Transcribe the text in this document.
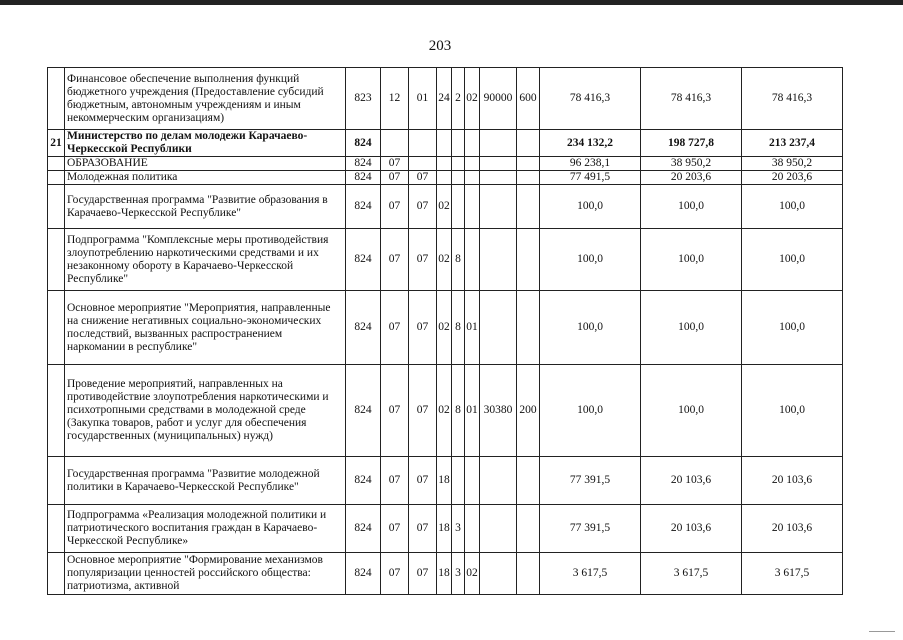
203
	Финансовое обеспечение выполнения функций бюджетного учреждения (Предоставление субсидий бюджетным, автономным учреждениям и иным некоммерческим организациям)	823	12	01	24	2	02	90000	600	78 416,3	78 416,3	78 416,3
21	Министерство по делам молодежи Карачаево-Черкесской Республики	824								234 132,2	198 727,8	213 237,4
	ОБРАЗОВАНИЕ	824	07							96 238,1	38 950,2	38 950,2
	Молодежная политика	824	07	07						77 491,5	20 203,6	20 203,6
	Государственная программа "Развитие образования в Карачаево-Черкесской Республике"	824	07	07	02					100,0	100,0	100,0
	Подпрограмма "Комплексные меры противодействия злоупотреблению наркотическими средствами и их незаконному обороту в Карачаево-Черкесской Республике"	824	07	07	02	8				100,0	100,0	100,0
	Основное мероприятие "Мероприятия, направленные на снижение негативных социально-экономических последствий, вызванных распространением наркомании в республике"	824	07	07	02	8	01			100,0	100,0	100,0
	Проведение мероприятий, направленных на противодействие злоупотребления наркотическими и психотропными средствами в молодежной среде (Закупка товаров, работ и услуг для обеспечения государственных (муниципальных) нужд)	824	07	07	02	8	01	30380	200	100,0	100,0	100,0
	Государственная программа "Развитие молодежной политики в Карачаево-Черкесской Республике"	824	07	07	18					77 391,5	20 103,6	20 103,6
	Подпрограмма «Реализация молодежной политики и патриотического воспитания граждан в Карачаево-Черкесской Республике»	824	07	07	18	3				77 391,5	20 103,6	20 103,6
	Основное мероприятие "Формирование механизмов популяризации ценностей российского общества: патриотизма, активной	824	07	07	18	3	02			3 617,5	3 617,5	3 617,5
